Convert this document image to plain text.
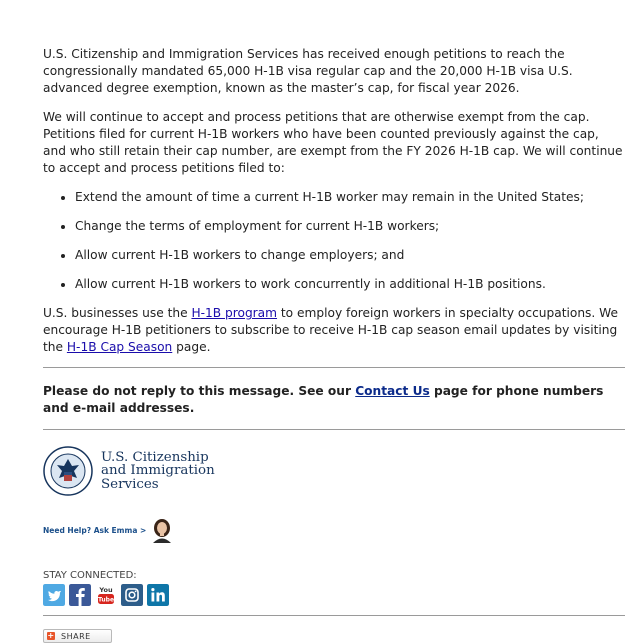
U.S. Citizenship and Immigration Services has received enough petitions to reach the congressionally mandated 65,000 H-1B visa regular cap and the 20,000 H-1B visa U.S. advanced degree exemption, known as the master’s cap, for fiscal year 2026.

We will continue to accept and process petitions that are otherwise exempt from the cap. Petitions filed for current H-1B workers who have been counted previously against the cap, and who still retain their cap number, are exempt from the FY 2026 H-1B cap. We will continue to accept and process petitions filed to:

• Extend the amount of time a current H-1B worker may remain in the United States;
• Change the terms of employment for current H-1B workers;
• Allow current H-1B workers to change employers; and
• Allow current H-1B workers to work concurrently in additional H-1B positions.

U.S. businesses use the H-1B program to employ foreign workers in specialty occupations. We encourage H-1B petitioners to subscribe to receive H-1B cap season email updates by visiting the H-1B Cap Season page.

Please do not reply to this message. See our Contact Us page for phone numbers and e-mail addresses.
U.S. Citizenship
and Immigration
Services
Need Help? Ask Emma >
STAY CONNECTED:
You
Tube
+ SHARE
